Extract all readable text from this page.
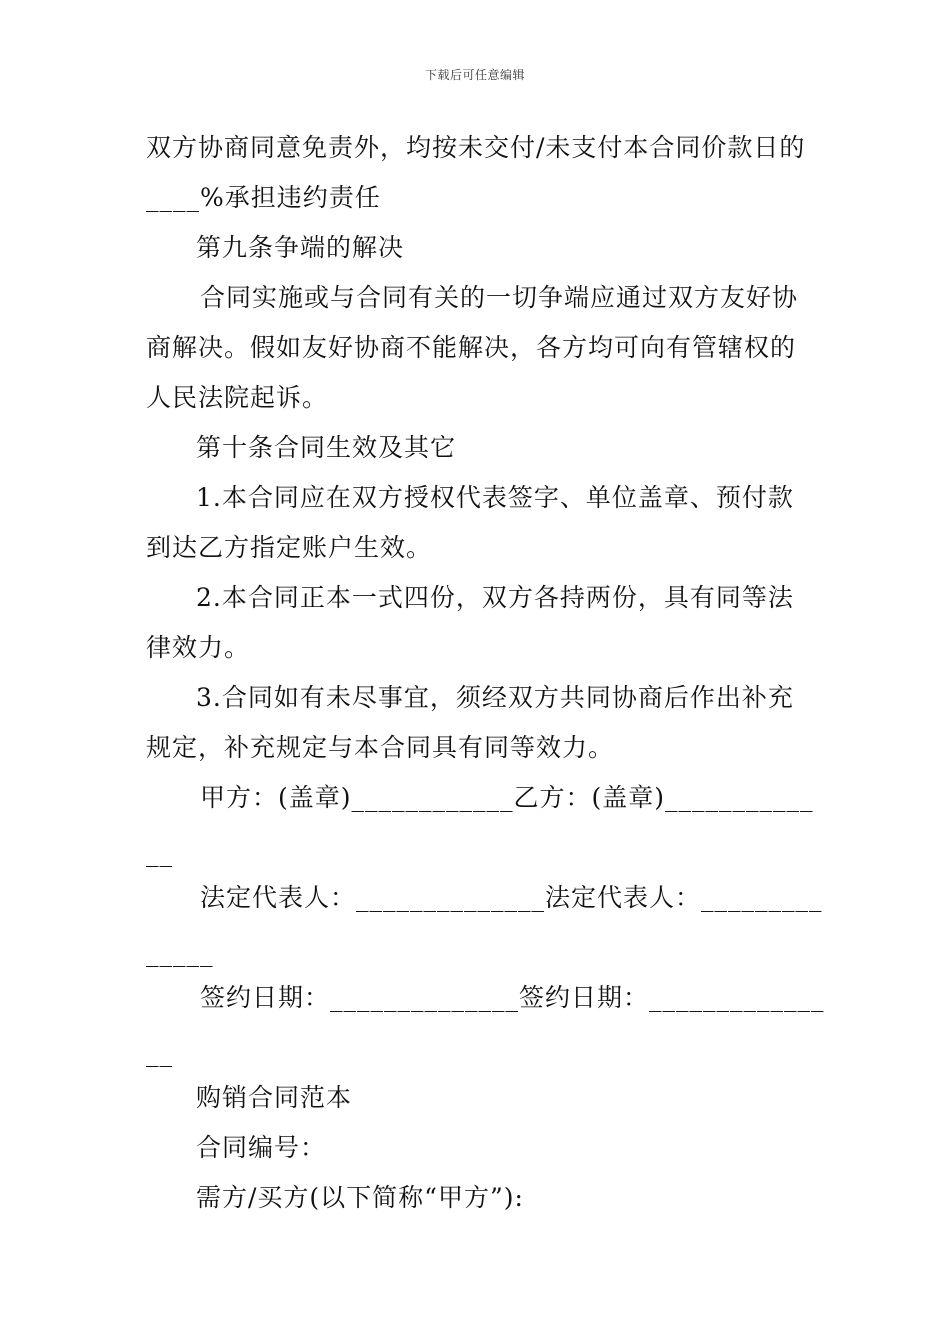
下载后可任意编辑
双方协商同意免责外，均按未交付/未支付本合同价款日的
____%承担违约责任
第九条争端的解决
合同实施或与合同有关的一切争端应通过双方友好协
商解决。假如友好协商不能解决，各方均可向有管辖权的
人民法院起诉。
第十条合同生效及其它
1.本合同应在双方授权代表签字、单位盖章、预付款
到达乙方指定账户生效。
2.本合同正本一式四份，双方各持两份，具有同等法
律效力。
3.合同如有未尽事宜，须经双方共同协商后作出补充
规定，补充规定与本合同具有同等效力。
甲方：(盖章)____________乙方：(盖章)___________
__
法定代表人：______________法定代表人：_________
_____
签约日期：______________签约日期：_____________
__
购销合同范本
合同编号：
需方/买方(以下简称“甲方”):
